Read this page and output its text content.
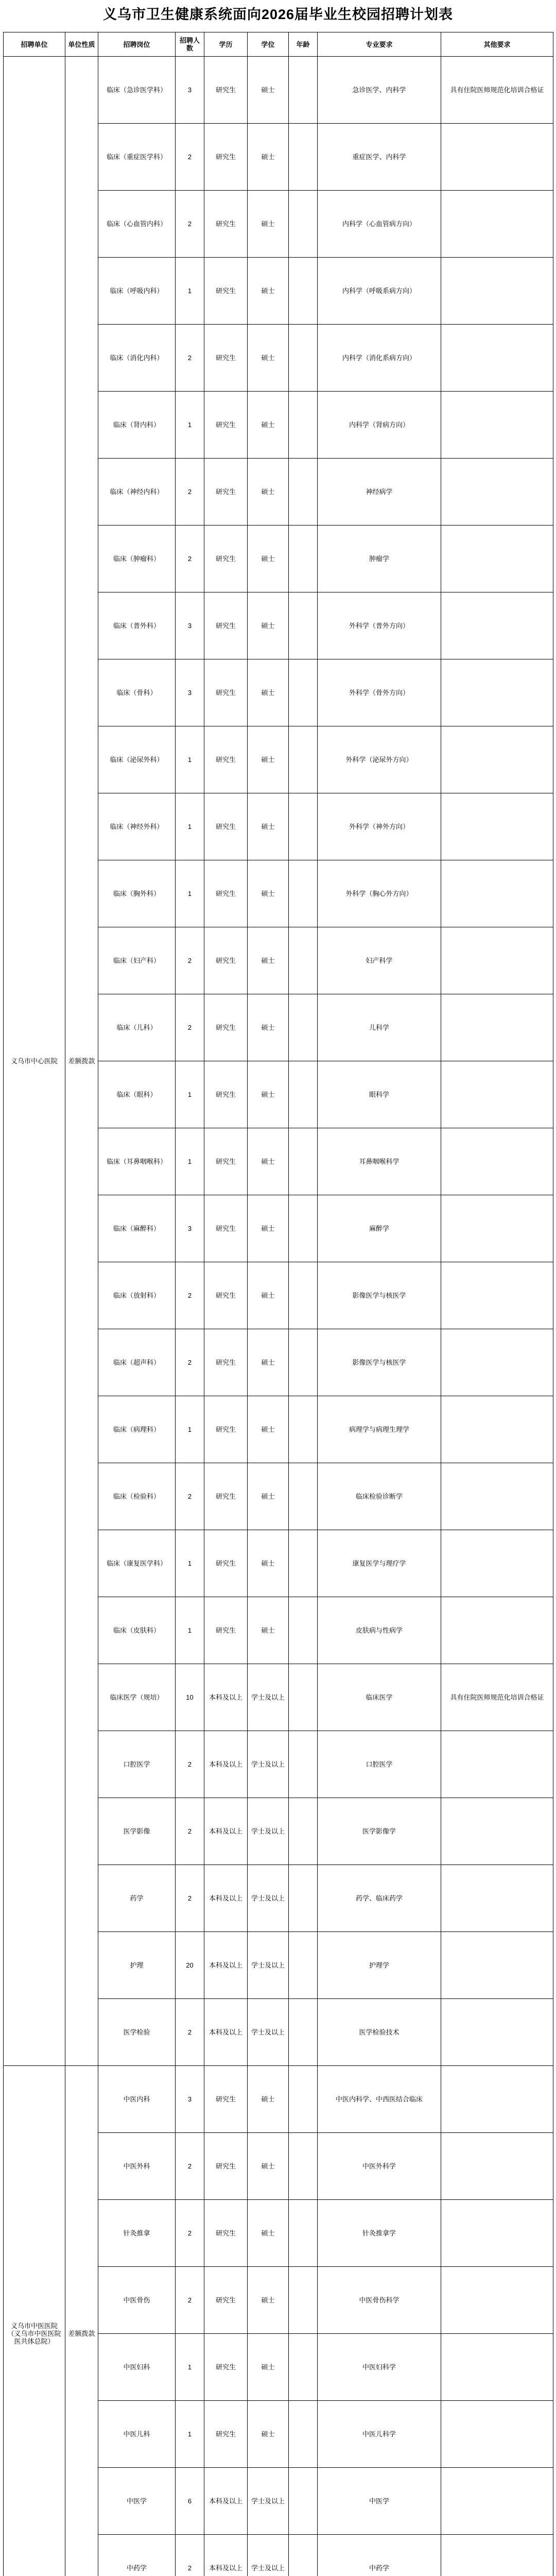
义乌市卫生健康系统面向2026届毕业生校园招聘计划表
招聘单位	单位性质	招聘岗位	招聘人数	学历	学位	年龄	专业要求	其他要求
义乌市中心医院	差额拨款	临床（急诊医学科）	3	研究生	硕士		急诊医学、内科学	具有住院医师规范化培训合格证
		临床（重症医学科）	2	研究生	硕士		重症医学、内科学	
		临床（心血管内科）	2	研究生	硕士		内科学（心血管病方向）	
		临床（呼吸内科）	1	研究生	硕士		内科学（呼吸系病方向）	
		临床（消化内科）	2	研究生	硕士		内科学（消化系病方向）	
		临床（肾内科）	1	研究生	硕士		内科学（肾病方向）	
		临床（神经内科）	2	研究生	硕士		神经病学	
		临床（肿瘤科）	2	研究生	硕士		肿瘤学	
		临床（普外科）	3	研究生	硕士		外科学（普外方向）	
		临床（骨科）	3	研究生	硕士		外科学（骨外方向）	
		临床（泌尿外科）	1	研究生	硕士		外科学（泌尿外方向）	
		临床（神经外科）	1	研究生	硕士		外科学（神外方向）	
		临床（胸外科）	1	研究生	硕士		外科学（胸心外方向）	
		临床（妇产科）	2	研究生	硕士		妇产科学	
		临床（儿科）	2	研究生	硕士		儿科学	
		临床（眼科）	1	研究生	硕士		眼科学	
		临床（耳鼻咽喉科）	1	研究生	硕士		耳鼻咽喉科学	
		临床（麻醉科）	3	研究生	硕士		麻醉学	
		临床（放射科）	2	研究生	硕士		影像医学与核医学	
		临床（超声科）	2	研究生	硕士		影像医学与核医学	
		临床（病理科）	1	研究生	硕士		病理学与病理生理学	
		临床（检验科）	2	研究生	硕士		临床检验诊断学	
		临床（康复医学科）	1	研究生	硕士		康复医学与理疗学	
		临床（皮肤科）	1	研究生	硕士		皮肤病与性病学	
		临床医学（规培）	10	本科及以上	学士及以上		临床医学	具有住院医师规范化培训合格证
		口腔医学	2	本科及以上	学士及以上		口腔医学	
		医学影像	2	本科及以上	学士及以上		医学影像学	
		药学	2	本科及以上	学士及以上		药学、临床药学	
		护理	20	本科及以上	学士及以上		护理学	
		医学检验	2	本科及以上	学士及以上		医学检验技术	
义乌市中医医院（义乌市中医医院医共体总院）	差额拨款	中医内科	3	研究生	硕士		中医内科学、中西医结合临床	
		中医外科	2	研究生	硕士		中医外科学	
		针灸推拿	2	研究生	硕士		针灸推拿学	
		中医骨伤	2	研究生	硕士		中医骨伤科学	
		中医妇科	1	研究生	硕士		中医妇科学	
		中医儿科	1	研究生	硕士		中医儿科学	
		中医学	6	本科及以上	学士及以上		中医学	
		中药学	2	本科及以上	学士及以上		中药学	
